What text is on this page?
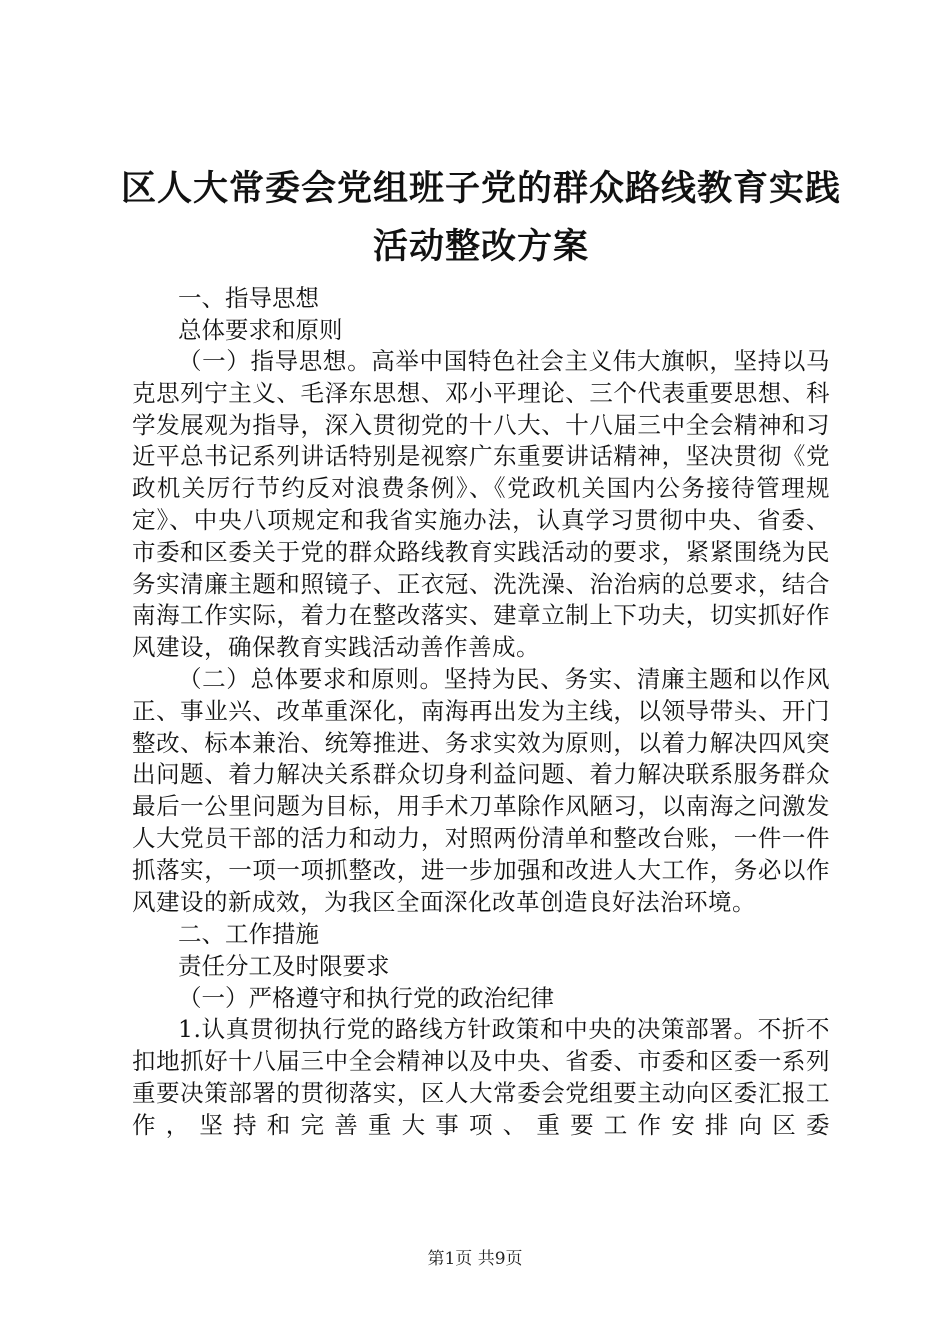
区人大常委会党组班子党的群众路线教育实践
活动整改方案

一、指导思想

总体要求和原则

（一）指导思想。高举中国特色社会主义伟大旗帜，坚持以马克思列宁主义、毛泽东思想、邓小平理论、三个代表重要思想、科学发展观为指导，深入贯彻党的十八大、十八届三中全会精神和习近平总书记系列讲话特别是视察广东重要讲话精神，坚决贯彻《党政机关厉行节约反对浪费条例》、《党政机关国内公务接待管理规定》、中央八项规定和我省实施办法，认真学习贯彻中央、省委、市委和区委关于党的群众路线教育实践活动的要求，紧紧围绕为民务实清廉主题和照镜子、正衣冠、洗洗澡、治治病的总要求，结合南海工作实际，着力在整改落实、建章立制上下功夫，切实抓好作风建设，确保教育实践活动善作善成。

（二）总体要求和原则。坚持为民、务实、清廉主题和以作风正、事业兴、改革重深化，南海再出发为主线，以领导带头、开门整改、标本兼治、统筹推进、务求实效为原则，以着力解决四风突出问题、着力解决关系群众切身利益问题、着力解决联系服务群众最后一公里问题为目标，用手术刀革除作风陋习，以南海之问激发人大党员干部的活力和动力，对照两份清单和整改台账，一件一件抓落实，一项一项抓整改，进一步加强和改进人大工作，务必以作风建设的新成效，为我区全面深化改革创造良好法治环境。

二、工作措施

责任分工及时限要求

（一）严格遵守和执行党的政治纪律

1.认真贯彻执行党的路线方针政策和中央的决策部署。不折不扣地抓好十八届三中全会精神以及中央、省委、市委和区委一系列重要决策部署的贯彻落实，区人大常委会党组要主动向区委汇报工作，坚持和完善重大事项、重要工作安排向区委

第1页 共9页
